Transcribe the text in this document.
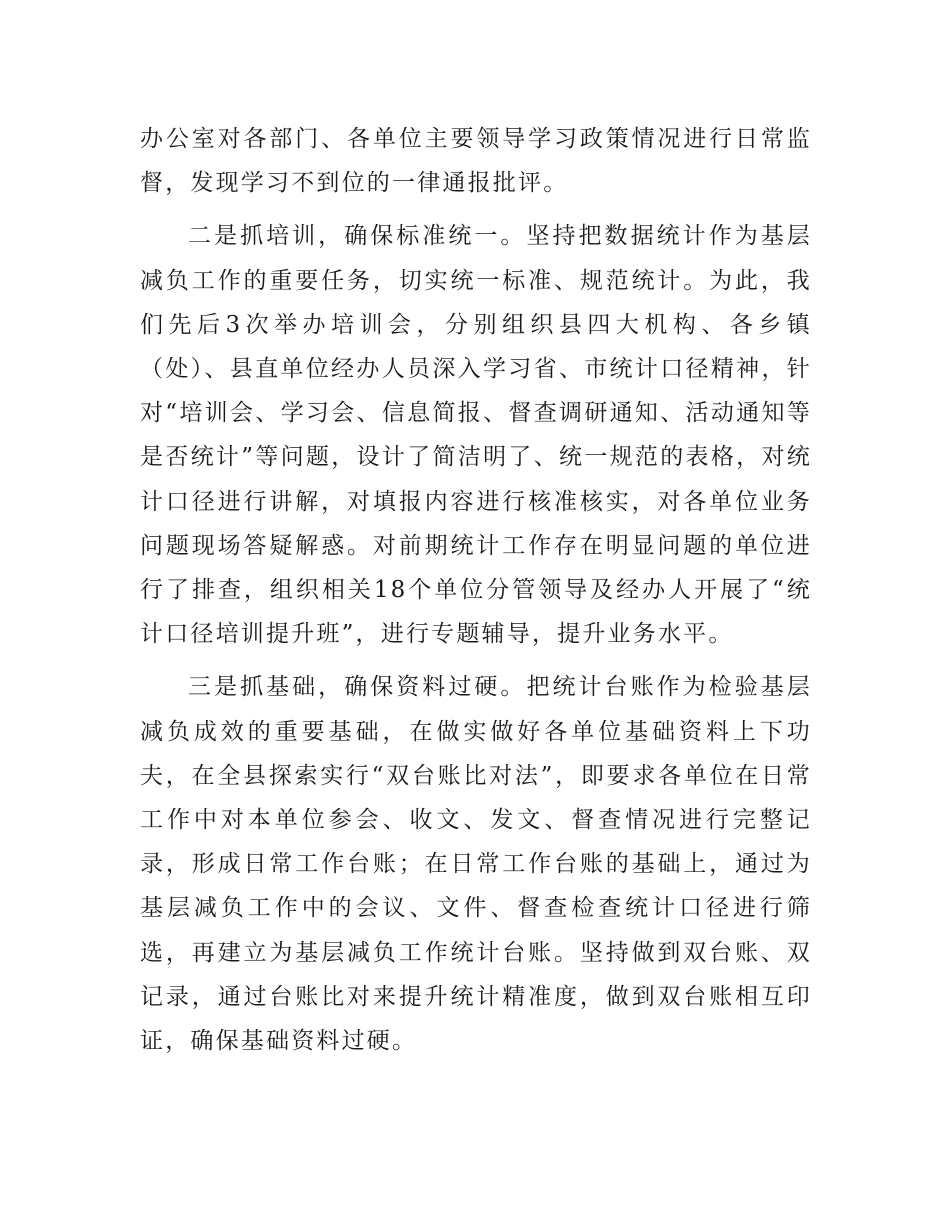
办公室对各部门、各单位主要领导学习政策情况进行日常监督，发现学习不到位的一律通报批评。

二是抓培训，确保标准统一。坚持把数据统计作为基层减负工作的重要任务，切实统一标准、规范统计。为此，我们先后3次举办培训会，分别组织县四大机构、各乡镇（处）、县直单位经办人员深入学习省、市统计口径精神，针对“培训会、学习会、信息简报、督查调研通知、活动通知等是否统计”等问题，设计了简洁明了、统一规范的表格，对统计口径进行讲解，对填报内容进行核准核实，对各单位业务问题现场答疑解惑。对前期统计工作存在明显问题的单位进行了排查，组织相关18个单位分管领导及经办人开展了“统计口径培训提升班”，进行专题辅导，提升业务水平。

三是抓基础，确保资料过硬。把统计台账作为检验基层减负成效的重要基础，在做实做好各单位基础资料上下功夫，在全县探索实行“双台账比对法”，即要求各单位在日常工作中对本单位参会、收文、发文、督查情况进行完整记录，形成日常工作台账；在日常工作台账的基础上，通过为基层减负工作中的会议、文件、督查检查统计口径进行筛选，再建立为基层减负工作统计台账。坚持做到双台账、双记录，通过台账比对来提升统计精准度，做到双台账相互印证，确保基础资料过硬。
